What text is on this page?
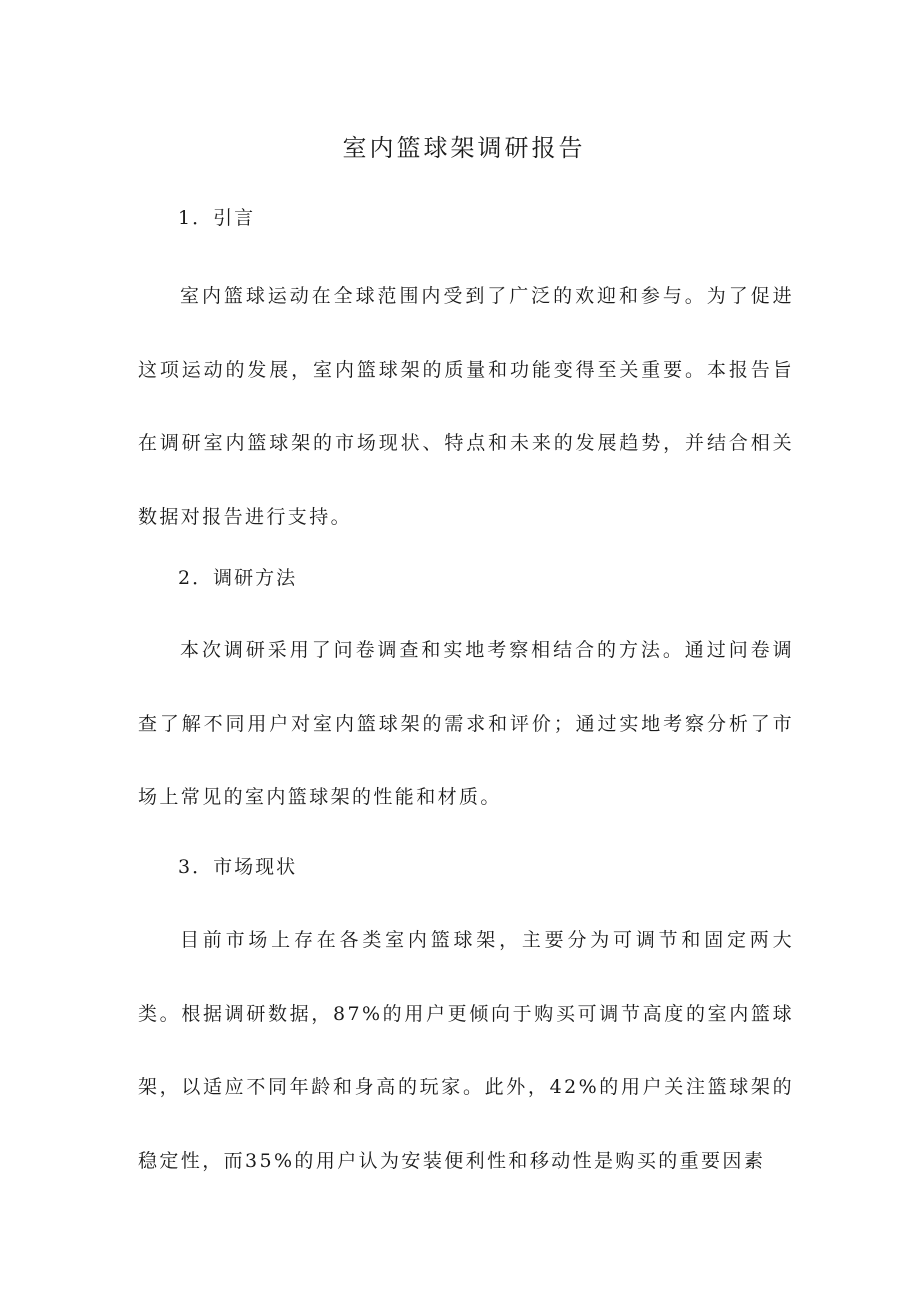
室内篮球架调研报告
1．引言

室内篮球运动在全球范围内受到了广泛的欢迎和参与。为了促进这项运动的发展，室内篮球架的质量和功能变得至关重要。本报告旨在调研室内篮球架的市场现状、特点和未来的发展趋势，并结合相关数据对报告进行支持。

2．调研方法

本次调研采用了问卷调查和实地考察相结合的方法。通过问卷调查了解不同用户对室内篮球架的需求和评价；通过实地考察分析了市场上常见的室内篮球架的性能和材质。

3．市场现状

目前市场上存在各类室内篮球架，主要分为可调节和固定两大类。根据调研数据，87%的用户更倾向于购买可调节高度的室内篮球架，以适应不同年龄和身高的玩家。此外，42%的用户关注篮球架的稳定性，而35%的用户认为安装便利性和移动性是购买的重要因素
